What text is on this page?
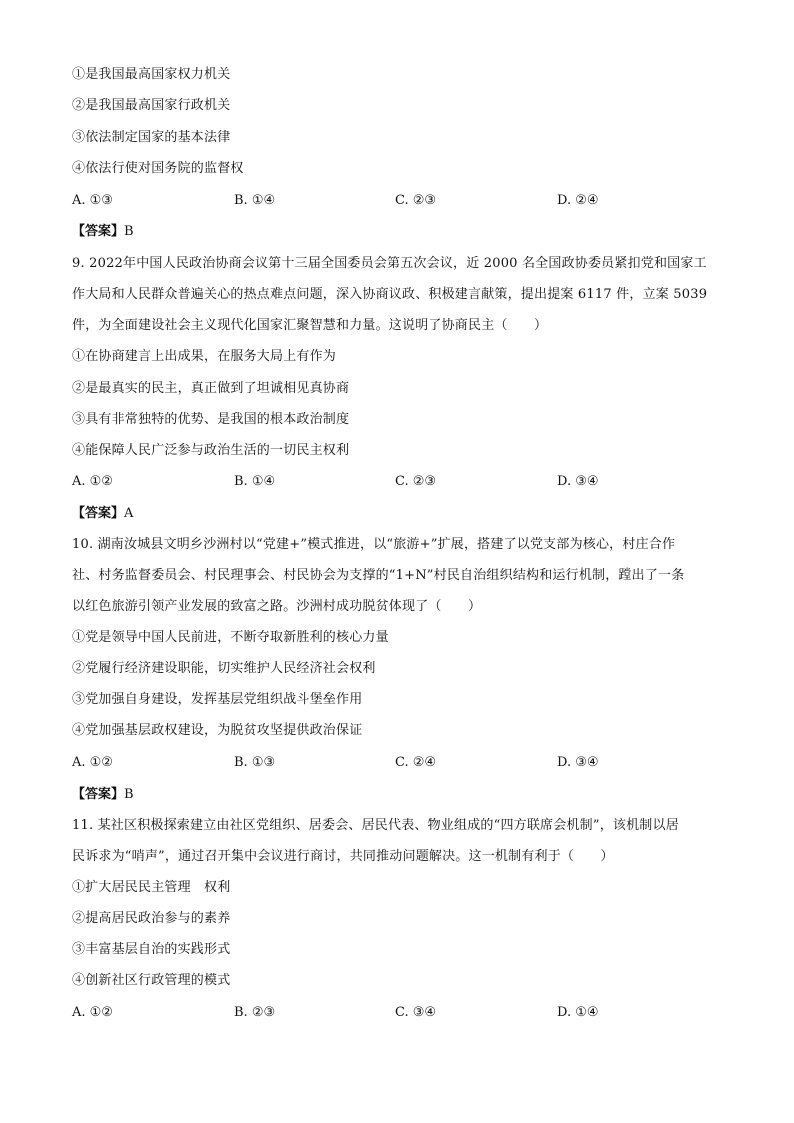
①是我国最高国家权力机关
②是我国最高国家行政机关
③依法制定国家的基本法律
④依法行使对国务院的监督权
A. ①③	B. ①④	C. ②③	D. ②④
【答案】B
9. 2022年中国人民政治协商会议第十三届全国委员会第五次会议，近 2000 名全国政协委员紧扣党和国家工
作大局和人民群众普遍关心的热点难点问题，深入协商议政、积极建言献策，提出提案 6117 件，立案 5039
件，为全面建设社会主义现代化国家汇聚智慧和力量。这说明了协商民主（　　）
①在协商建言上出成果，在服务大局上有作为
②是最真实的民主，真正做到了坦诚相见真协商
③具有非常独特的优势、是我国的根本政治制度
④能保障人民广泛参与政治生活的一切民主权利
A. ①②	B. ①④	C. ②③	D. ③④
【答案】A
10. 湖南汝城县文明乡沙洲村以“党建+”模式推进，以“旅游+”扩展，搭建了以党支部为核心，村庄合作
社、村务监督委员会、村民理事会、村民协会为支撑的“1+N”村民自治组织结构和运行机制，蹚出了一条
以红色旅游引领产业发展的致富之路。沙洲村成功脱贫体现了（　　）
①党是领导中国人民前进，不断夺取新胜利的核心力量
②党履行经济建设职能，切实维护人民经济社会权利
③党加强自身建设，发挥基层党组织战斗堡垒作用
④党加强基层政权建设，为脱贫攻坚提供政治保证
A. ①②	B. ①③	C. ②④	D. ③④
【答案】B
11. 某社区积极探索建立由社区党组织、居委会、居民代表、物业组成的“四方联席会机制”，该机制以居
民诉求为“哨声”，通过召开集中会议进行商讨，共同推动问题解决。这一机制有利于（　　）
①扩大居民民主管理　权利
②提高居民政治参与的素养
③丰富基层自治的实践形式
④创新社区行政管理的模式
A. ①②	B. ②③	C. ③④	D. ①④
